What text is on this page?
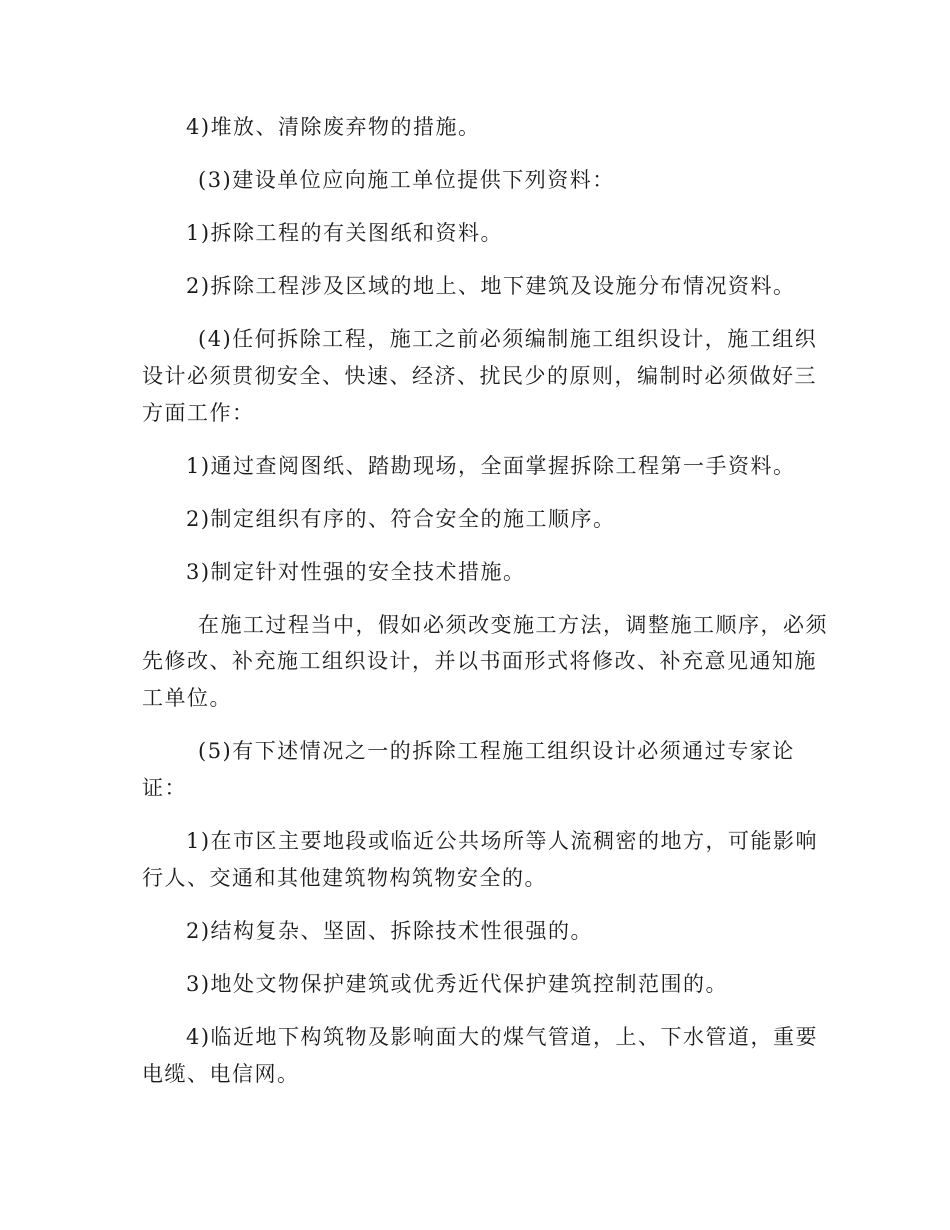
4)堆放、清除废弃物的措施。
(3)建设单位应向施工单位提供下列资料：
1)拆除工程的有关图纸和资料。
2)拆除工程涉及区域的地上、地下建筑及设施分布情况资料。
(4)任何拆除工程，施工之前必须编制施工组织设计，施工组织
设计必须贯彻安全、快速、经济、扰民少的原则，编制时必须做好三
方面工作：
1)通过查阅图纸、踏勘现场，全面掌握拆除工程第一手资料。
2)制定组织有序的、符合安全的施工顺序。
3)制定针对性强的安全技术措施。
在施工过程当中，假如必须改变施工方法，调整施工顺序，必须
先修改、补充施工组织设计，并以书面形式将修改、补充意见通知施
工单位。
(5)有下述情况之一的拆除工程施工组织设计必须通过专家论
证：
1)在市区主要地段或临近公共场所等人流稠密的地方，可能影响
行人、交通和其他建筑物构筑物安全的。
2)结构复杂、坚固、拆除技术性很强的。
3)地处文物保护建筑或优秀近代保护建筑控制范围的。
4)临近地下构筑物及影响面大的煤气管道，上、下水管道，重要
电缆、电信网。
